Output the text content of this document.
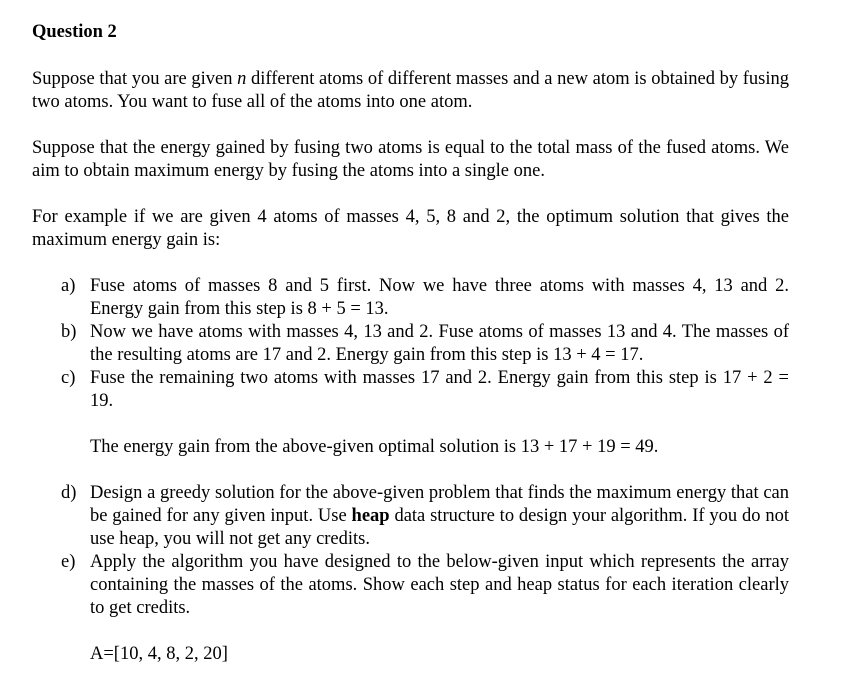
Question 2

Suppose that you are given n different atoms of different masses and a new atom is obtained by fusing two atoms. You want to fuse all of the atoms into one atom.

Suppose that the energy gained by fusing two atoms is equal to the total mass of the fused atoms. We aim to obtain maximum energy by fusing the atoms into a single one.

For example if we are given 4 atoms of masses 4, 5, 8 and 2, the optimum solution that gives the maximum energy gain is:

a) Fuse atoms of masses 8 and 5 first. Now we have three atoms with masses 4, 13 and 2. Energy gain from this step is 8 + 5 = 13.
b) Now we have atoms with masses 4, 13 and 2. Fuse atoms of masses 13 and 4. The masses of the resulting atoms are 17 and 2. Energy gain from this step is 13 + 4 = 17.
c) Fuse the remaining two atoms with masses 17 and 2. Energy gain from this step is 17 + 2 = 19.
The energy gain from the above-given optimal solution is 13 + 17 + 19 = 49.
d) Design a greedy solution for the above-given problem that finds the maximum energy that can be gained for any given input. Use heap data structure to design your algorithm. If you do not use heap, you will not get any credits.
e) Apply the algorithm you have designed to the below-given input which represents the array containing the masses of the atoms. Show each step and heap status for each iteration clearly to get credits.
A=[10, 4, 8, 2, 20]
